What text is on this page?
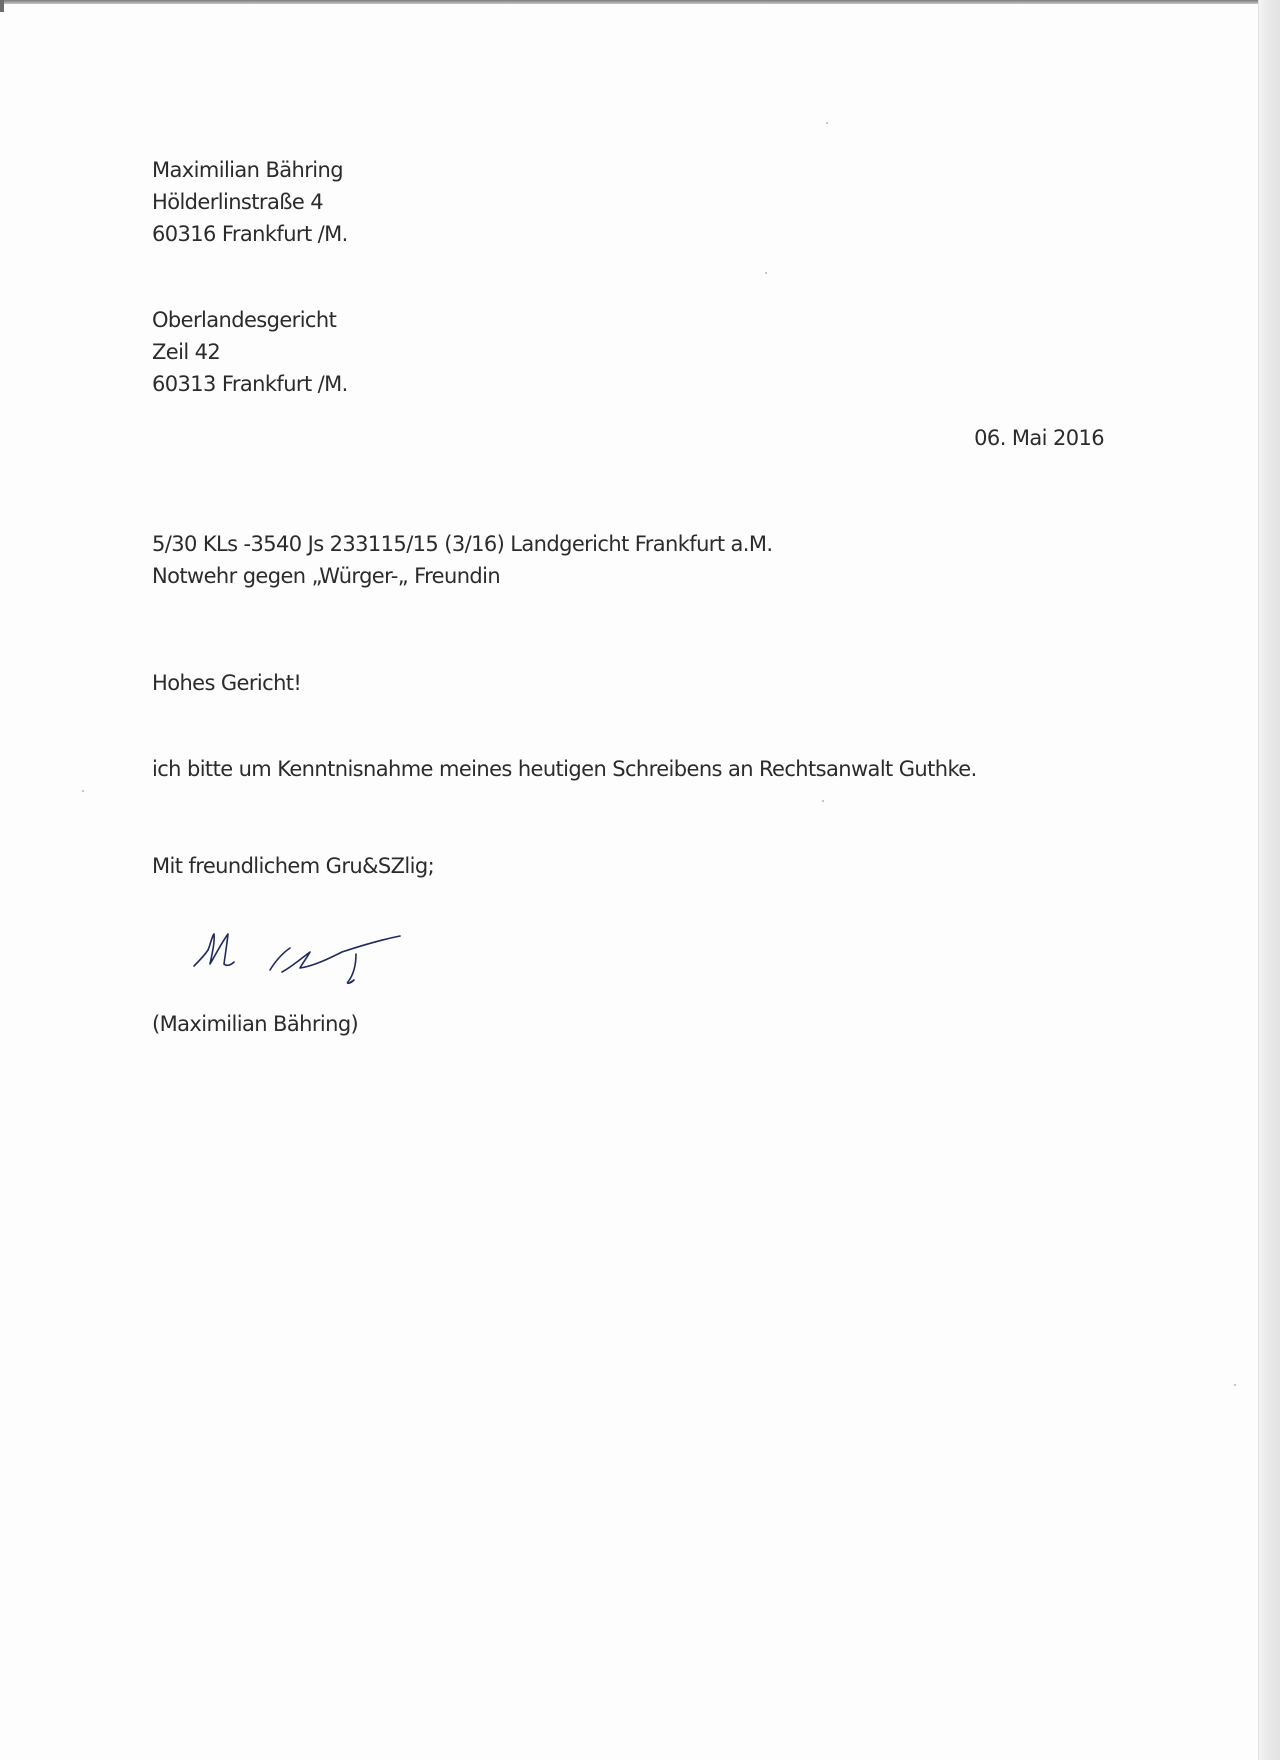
Maximilian Bähring

Hölderlinstraße 4

60316 Frankfurt /M.

Oberlandesgericht

Zeil 42

60313 Frankfurt /M.

06. Mai 2016

5/30 KLs -3540 Js 233115/15 (3/16) Landgericht Frankfurt a.M.

Notwehr gegen „Würger-„ Freundin

Hohes Gericht!

ich bitte um Kenntnisnahme meines heutigen Schreibens an Rechtsanwalt Guthke.

Mit freundlichem Gru&SZlig;

(Maximilian Bähring)
